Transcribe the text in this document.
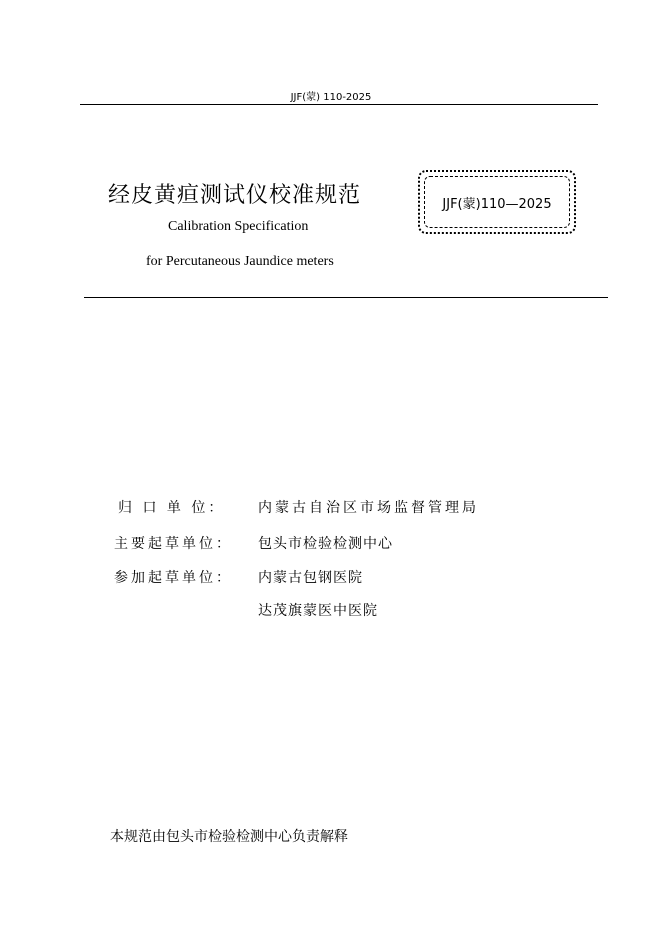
JJF(蒙) 110-2025
经皮黄疸测试仪校准规范
Calibration Specification
for Percutaneous Jaundice meters
JJF(蒙)110—2025
归 口 单 位： 内蒙古自治区市场监督管理局
主要起草单位： 包头市检验检测中心
参加起草单位： 内蒙古包钢医院
达茂旗蒙医中医院
本规范由包头市检验检测中心负责解释
